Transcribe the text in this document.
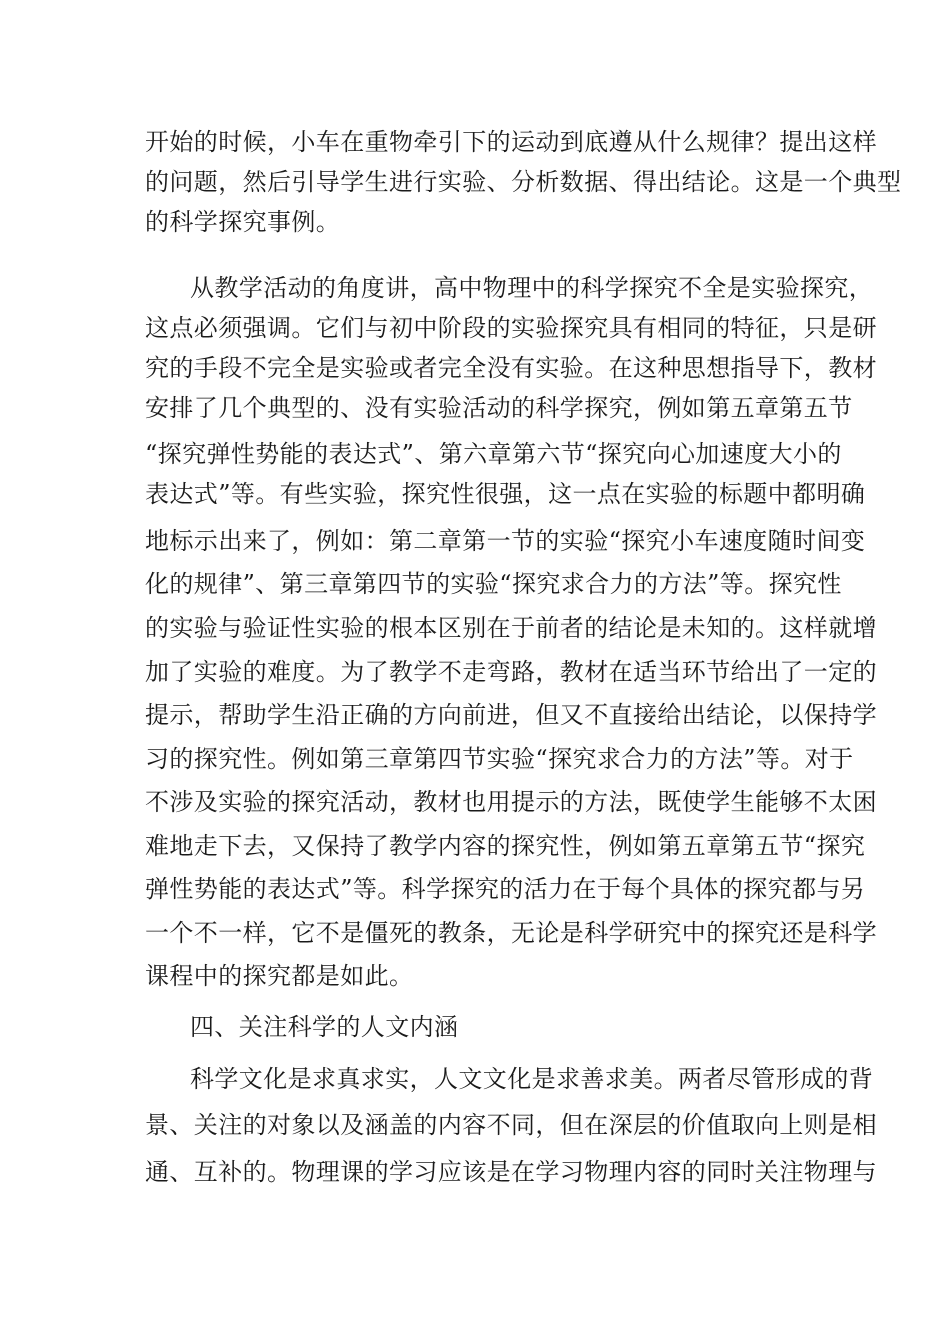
开始的时候，小车在重物牵引下的运动到底遵从什么规律？提出这样
的问题，然后引导学生进行实验、分析数据、得出结论。这是一个典型
的科学探究事例。
从教学活动的角度讲，高中物理中的科学探究不全是实验探究，
这点必须强调。它们与初中阶段的实验探究具有相同的特征，只是研
究的手段不完全是实验或者完全没有实验。在这种思想指导下，教材
安排了几个典型的、没有实验活动的科学探究，例如第五章第五节
“探究弹性势能的表达式”、第六章第六节“探究向心加速度大小的
表达式”等。有些实验，探究性很强，这一点在实验的标题中都明确
地标示出来了，例如：第二章第一节的实验“探究小车速度随时间变
化的规律”、第三章第四节的实验“探究求合力的方法”等。探究性
的实验与验证性实验的根本区别在于前者的结论是未知的。这样就增
加了实验的难度。为了教学不走弯路，教材在适当环节给出了一定的
提示，帮助学生沿正确的方向前进，但又不直接给出结论，以保持学
习的探究性。例如第三章第四节实验“探究求合力的方法”等。对于
不涉及实验的探究活动，教材也用提示的方法，既使学生能够不太困
难地走下去，又保持了教学内容的探究性，例如第五章第五节“探究
弹性势能的表达式”等。科学探究的活力在于每个具体的探究都与另
一个不一样，它不是僵死的教条，无论是科学研究中的探究还是科学
课程中的探究都是如此。
四、关注科学的人文内涵
科学文化是求真求实，人文文化是求善求美。两者尽管形成的背
景、关注的对象以及涵盖的内容不同，但在深层的价值取向上则是相
通、互补的。物理课的学习应该是在学习物理内容的同时关注物理与
